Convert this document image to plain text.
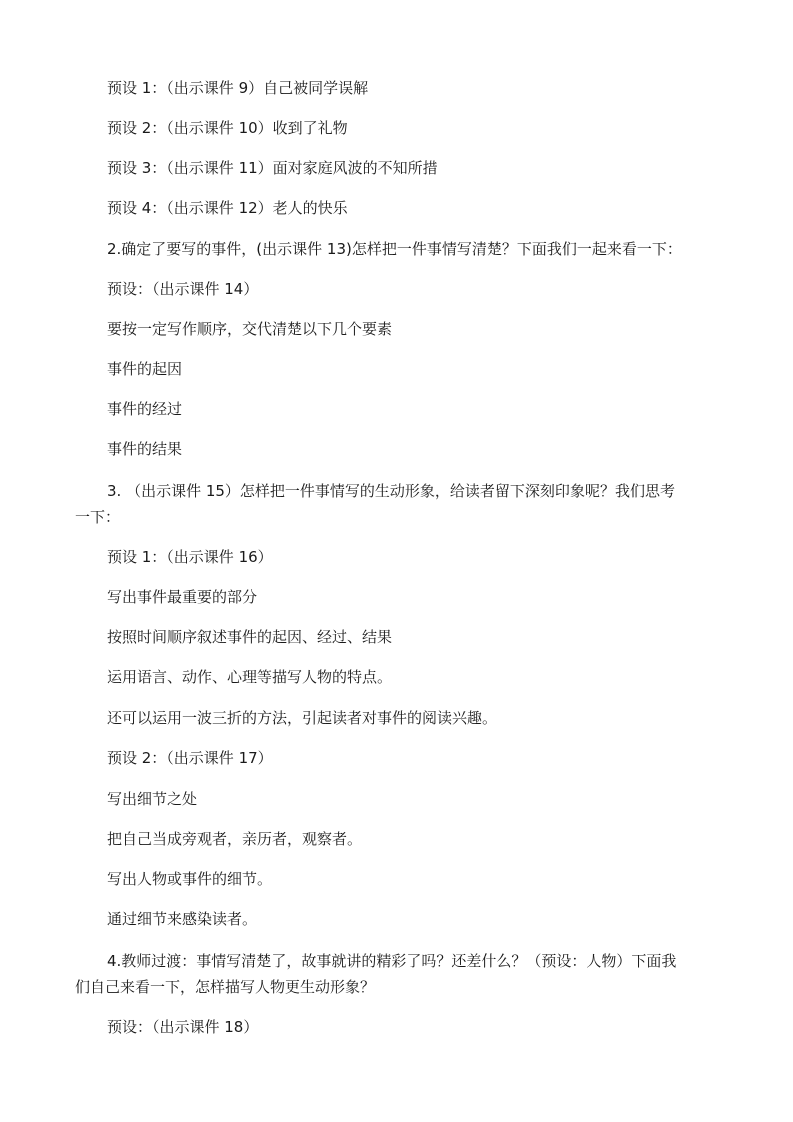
预设 1：（出示课件 9）自己被同学误解
预设 2：（出示课件 10）收到了礼物
预设 3：（出示课件 11）面对家庭风波的不知所措
预设 4：（出示课件 12）老人的快乐
2.确定了要写的事件，(出示课件 13)怎样把一件事情写清楚？下面我们一起来看一下：
预设：（出示课件 14）
要按一定写作顺序，交代清楚以下几个要素
事件的起因
事件的经过
事件的结果
3. （出示课件 15）怎样把一件事情写的生动形象，给读者留下深刻印象呢？我们思考
一下：
预设 1：（出示课件 16）
写出事件最重要的部分
按照时间顺序叙述事件的起因、经过、结果
运用语言、动作、心理等描写人物的特点。
还可以运用一波三折的方法，引起读者对事件的阅读兴趣。
预设 2：（出示课件 17）
写出细节之处
把自己当成旁观者，亲历者，观察者。
写出人物或事件的细节。
通过细节来感染读者。
4.教师过渡：事情写清楚了，故事就讲的精彩了吗？还差什么？（预设：人物）下面我
们自己来看一下，怎样描写人物更生动形象？
预设：（出示课件 18）
